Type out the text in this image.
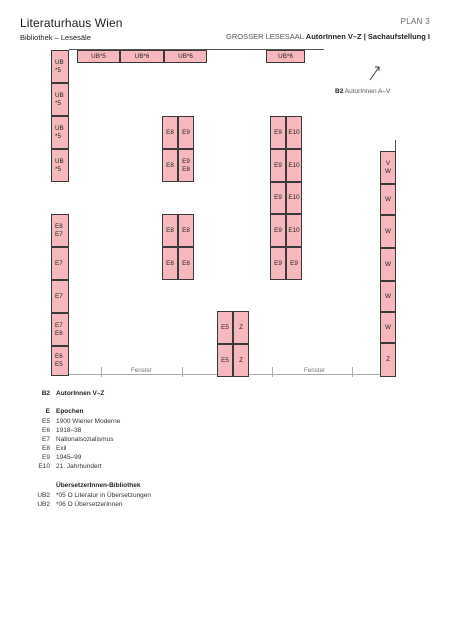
Literaturhaus Wien
Bibliothek – Lesesäle
PLAN 3
GROSSER LESESAAL AutorInnen V–Z | Sachaufstellung I
Fenster	Fenster
B2 AutorInnen A–V
UB*5	UB*6	UB*6	UB*6
UB
*5
UB
*5
UB
*5
UB
*5
E8
E7
E7
E7
E7
E6
E6
E5
E8	E9
E8
E9
E8
E8	E8
E8	E8
E9	E10
E9	E10
E9	E10
E9	E10
E9	E9
E5	Z
E5	Z
V
W
W
W
W
W
W
Z
B2 AutorInnen V–Z
E Epochen
E5 1900 Wiener Moderne
E6 1918–38
E7 Nationalsozialismus
E8 Exil
E9 1945–99
E10 21. Jahrhundert
ÜbersetzerInnen-Bibliothek
UB2 *05 O Literatur in Übersetzungen
UB2 *06 O ÜbersetzerInnen
